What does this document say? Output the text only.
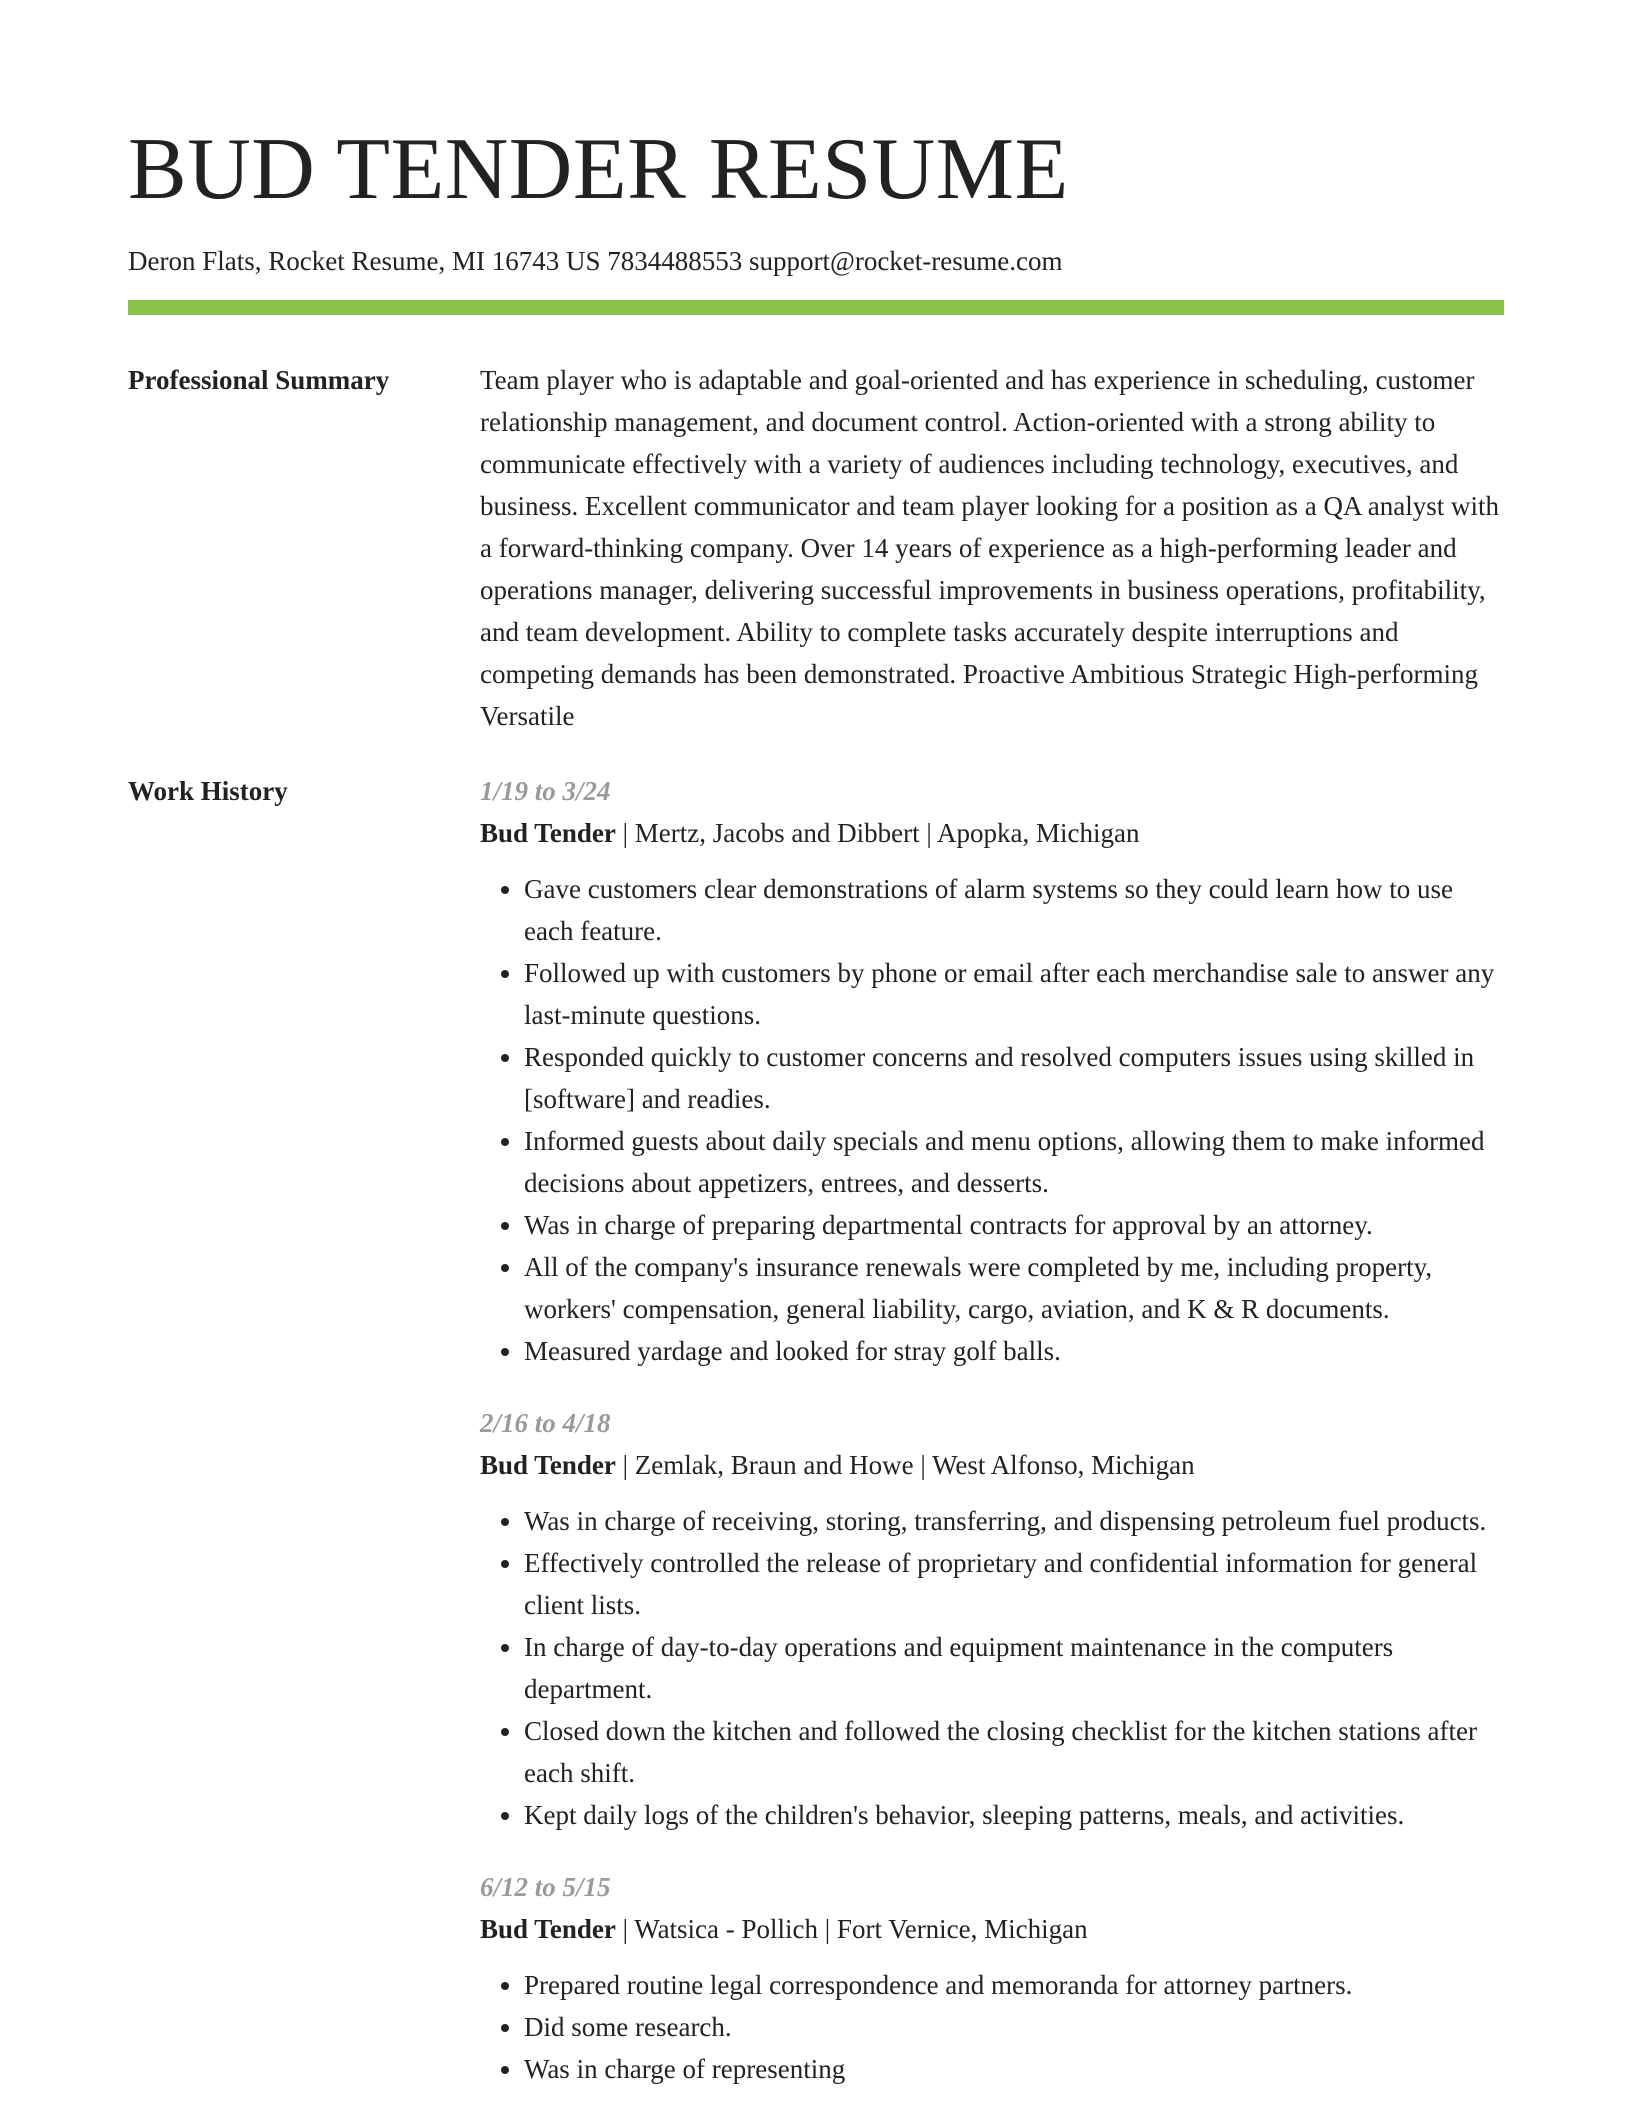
BUD TENDER RESUME
Deron Flats, Rocket Resume, MI 16743 US 7834488553 support@rocket-resume.com
Professional Summary	Team player who is adaptable and goal-oriented and has experience in scheduling, customer relationship management, and document control. Action-oriented with a strong ability to communicate effectively with a variety of audiences including technology, executives, and business. Excellent communicator and team player looking for a position as a QA analyst with a forward-thinking company. Over 14 years of experience as a high-performing leader and operations manager, delivering successful improvements in business operations, profitability, and team development. Ability to complete tasks accurately despite interruptions and competing demands has been demonstrated. Proactive Ambitious Strategic High-performing Versatile

Work History	1/19 to 3/24
Bud Tender | Mertz, Jacobs and Dibbert | Apopka, Michigan
• Gave customers clear demonstrations of alarm systems so they could learn how to use each feature.
• Followed up with customers by phone or email after each merchandise sale to answer any last-minute questions.
• Responded quickly to customer concerns and resolved computers issues using skilled in [software] and readies.
• Informed guests about daily specials and menu options, allowing them to make informed decisions about appetizers, entrees, and desserts.
• Was in charge of preparing departmental contracts for approval by an attorney.
• All of the company's insurance renewals were completed by me, including property, workers' compensation, general liability, cargo, aviation, and K & R documents.
• Measured yardage and looked for stray golf balls.
2/16 to 4/18
Bud Tender | Zemlak, Braun and Howe | West Alfonso, Michigan
• Was in charge of receiving, storing, transferring, and dispensing petroleum fuel products.
• Effectively controlled the release of proprietary and confidential information for general client lists.
• In charge of day-to-day operations and equipment maintenance in the computers department.
• Closed down the kitchen and followed the closing checklist for the kitchen stations after each shift.
• Kept daily logs of the children's behavior, sleeping patterns, meals, and activities.
6/12 to 5/15
Bud Tender | Watsica - Pollich | Fort Vernice, Michigan
• Prepared routine legal correspondence and memoranda for attorney partners.
• Did some research.
• Was in charge of representing
